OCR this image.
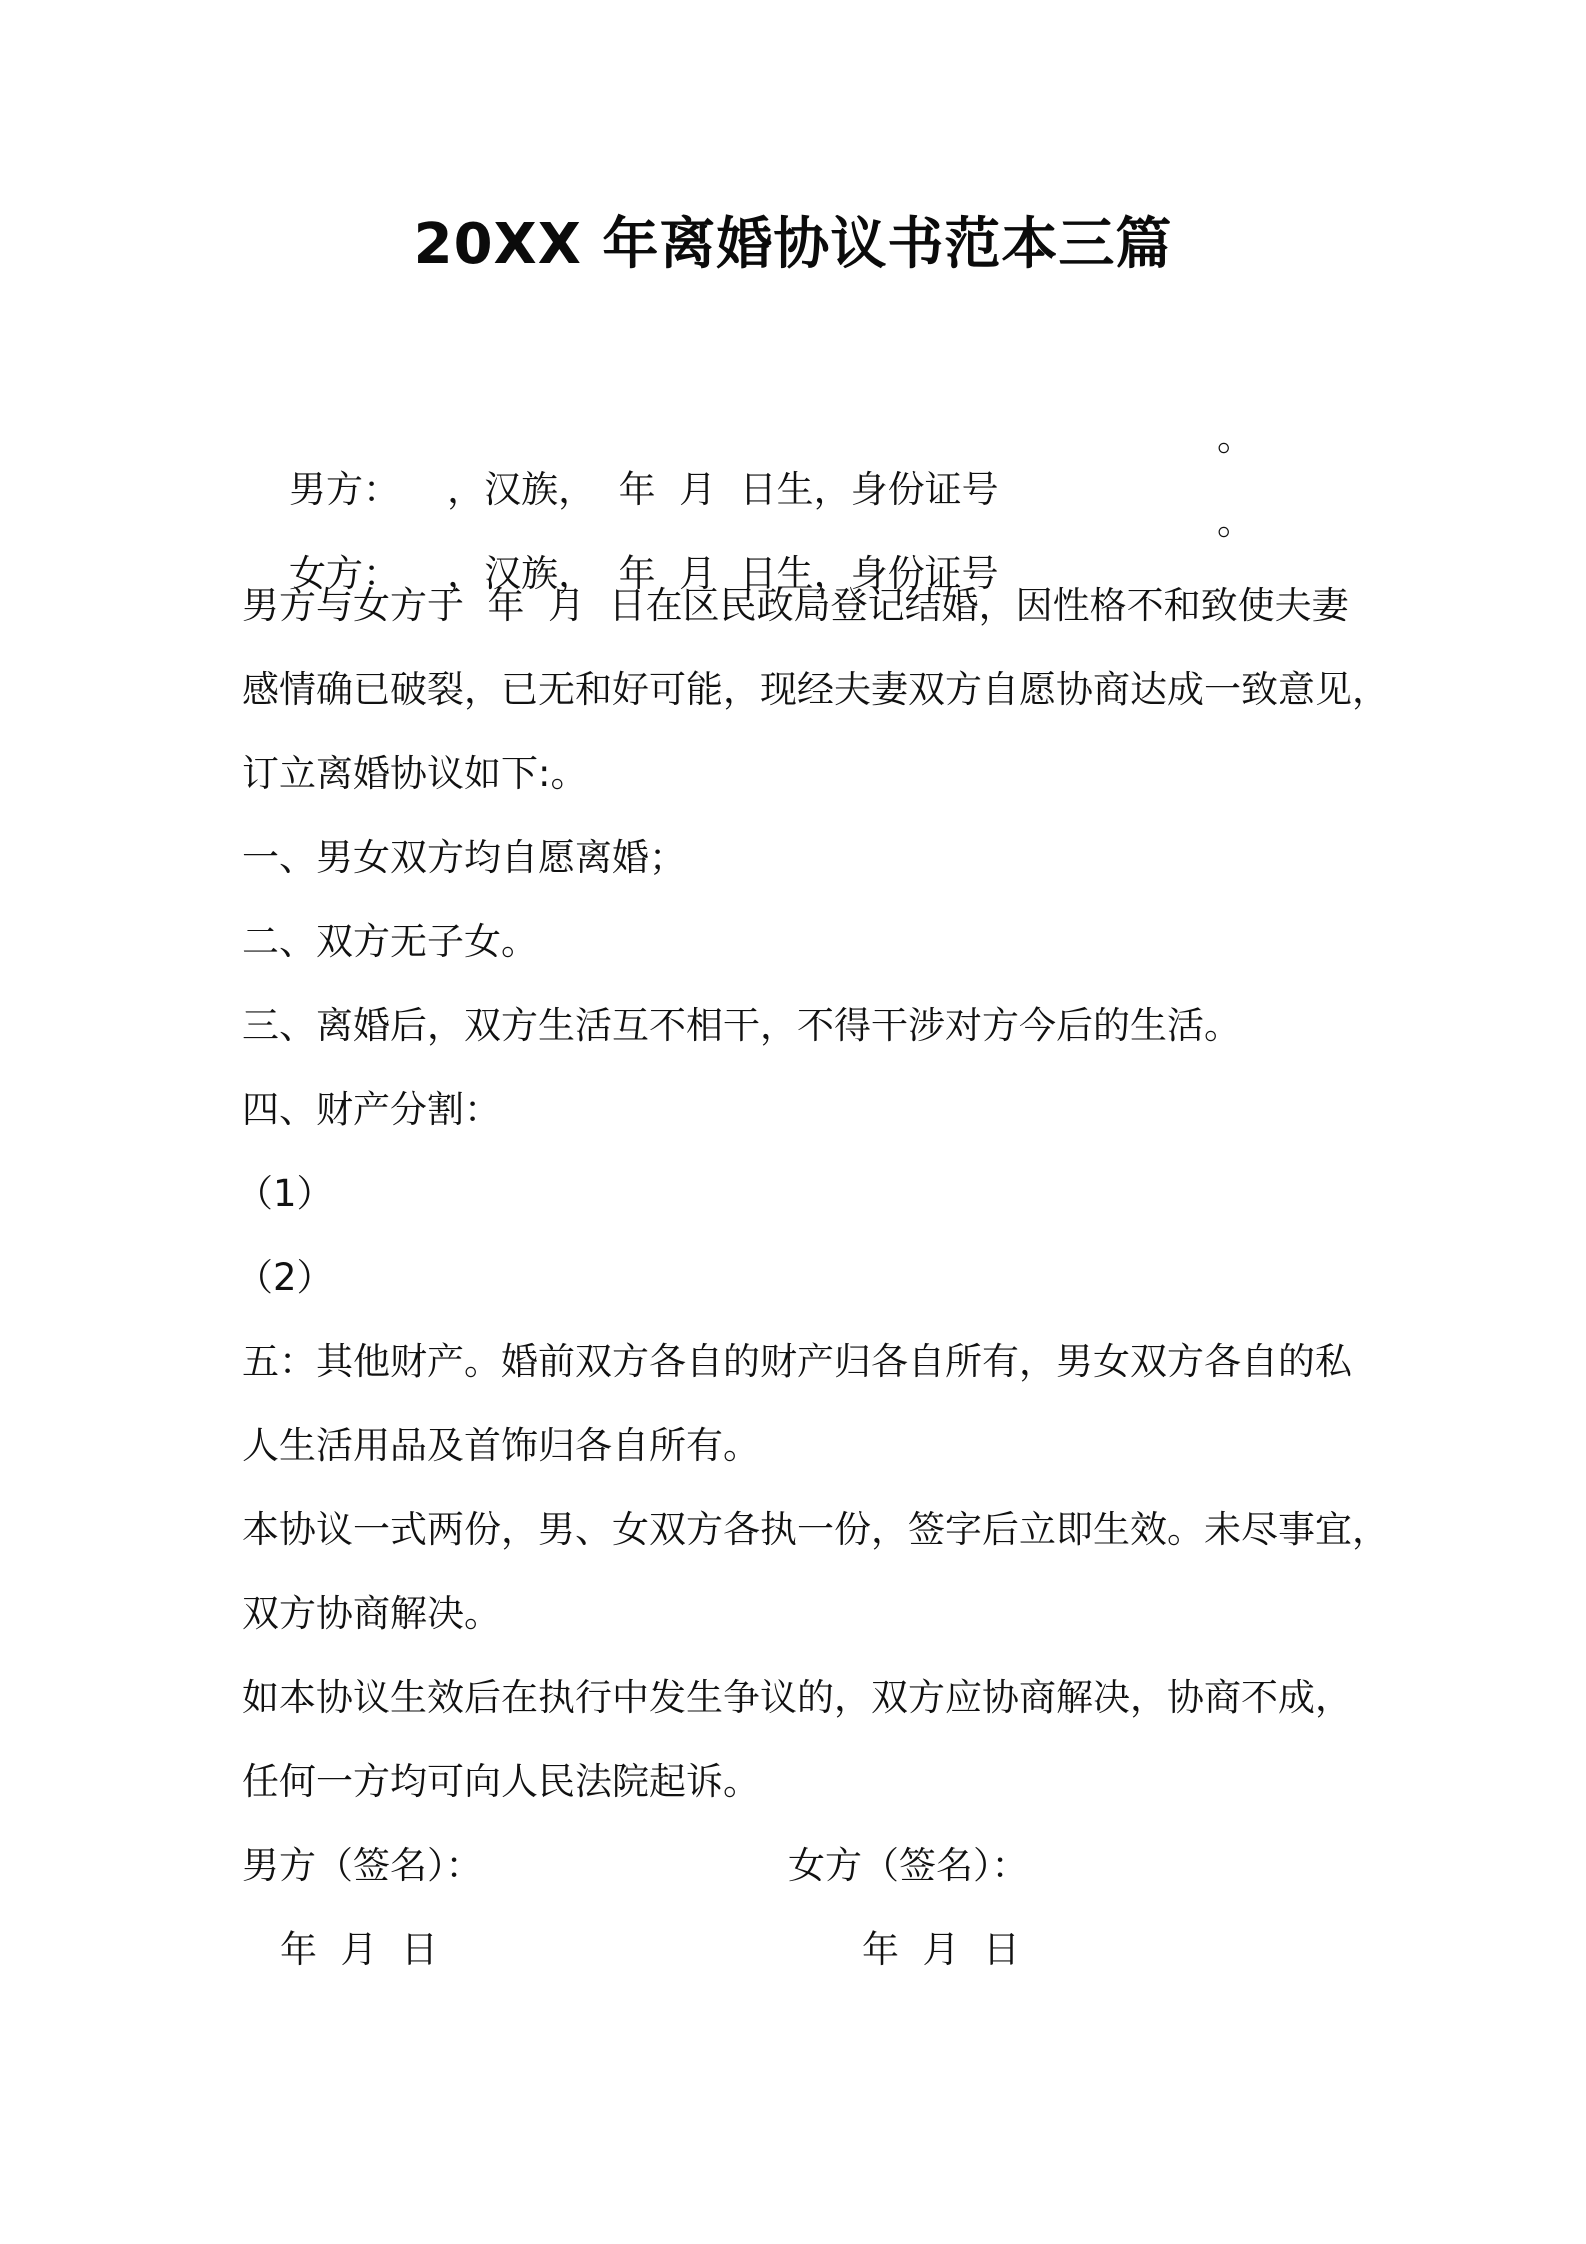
20XX 年离婚协议书范本三篇

男方：    ，汉族，  年  月  日生，身份证号

。

女方：    ，汉族，  年  月  日生，身份证号

。

男方与女方于  年  月  日在区民政局登记结婚，因性格不和致使夫妻
感情确已破裂，已无和好可能，现经夫妻双方自愿协商达成一致意见，
订立离婚协议如下:。
一、男女双方均自愿离婚；
二、双方无子女。
三、离婚后，双方生活互不相干，不得干涉对方今后的生活。
四、财产分割：
（1）
（2）
五：其他财产。婚前双方各自的财产归各自所有，男女双方各自的私
人生活用品及首饰归各自所有。
本协议一式两份，男、女双方各执一份，签字后立即生效。未尽事宜，
双方协商解决。
如本协议生效后在执行中发生争议的，双方应协商解决，协商不成，
任何一方均可向人民法院起诉。
男方（签名）：	女方（签名）：
年  月  日	年  月  日
